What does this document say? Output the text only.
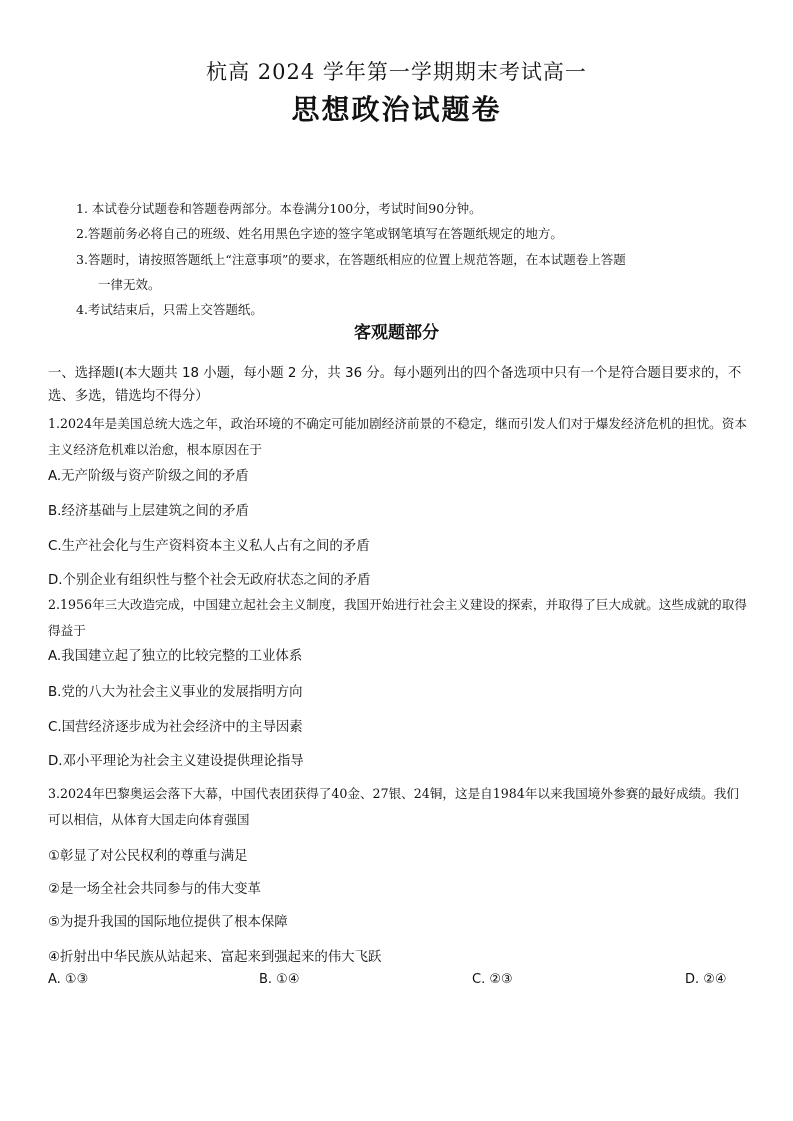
杭高 2024 学年第一学期期末考试高一
思想政治试题卷

1. 本试卷分试题卷和答题卷两部分。本卷满分100分，考试时间90分钟。

2.答题前务必将自己的班级、姓名用黑色字迹的签字笔或钢笔填写在答题纸规定的地方。

3.答题时，请按照答题纸上“注意事项”的要求，在答题纸相应的位置上规范答题，在本试题卷上答题

一律无效。

4.考试结束后，只需上交答题纸。

客观题部分
一、选择题Ⅰ(本大题共 18 小题，每小题 2 分，共 36 分。每小题列出的四个备选项中只有一个是符合题目要求的，不选、多选，错选均不得分）
1.2024年是美国总统大选之年，政治环境的不确定可能加剧经济前景的不稳定，继而引发人们对于爆发经济危机的担忧。资本主义经济危机难以治愈，根本原因在于
A.无产阶级与资产阶级之间的矛盾
B.经济基础与上层建筑之间的矛盾
C.生产社会化与生产资料资本主义私人占有之间的矛盾
D.个别企业有组织性与整个社会无政府状态之间的矛盾
2.1956年三大改造完成，中国建立起社会主义制度，我国开始进行社会主义建设的探索，并取得了巨大成就。这些成就的取得得益于
A.我国建立起了独立的比较完整的工业体系
B.党的八大为社会主义事业的发展指明方向
C.国营经济逐步成为社会经济中的主导因素
D.邓小平理论为社会主义建设提供理论指导
3.2024年巴黎奥运会落下大幕，中国代表团获得了40金、27银、24铜，这是自1984年以来我国境外参赛的最好成绩。我们可以相信，从体育大国走向体育强国
①彰显了对公民权利的尊重与满足
②是一场全社会共同参与的伟大变革
⑤为提升我国的国际地位提供了根本保障
④折射出中华民族从站起来、富起来到强起来的伟大飞跃
A. ①③	B. ①④	C. ②③	D. ②④
